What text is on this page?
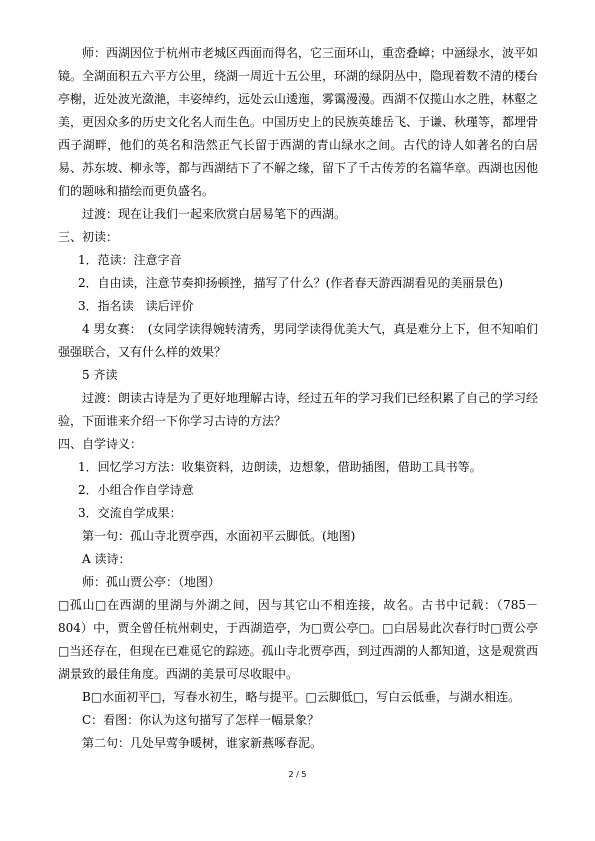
师：西湖因位于杭州市老城区西面而得名，它三面环山，重峦叠嶂；中涵绿水，波平如镜。全湖面积五六平方公里，绕湖一周近十五公里，环湖的绿阴丛中，隐现着数不清的楼台亭榭，近处波光潋滟，丰姿绰约，远处云山逶迤，雾霭漫漫。西湖不仅揽山水之胜，林壑之美，更因众多的历史文化名人而生色。中国历史上的民族英雄岳飞、于谦、秋瑾等，都埋骨西子湖畔，他们的英名和浩然正气长留于西湖的青山绿水之间。古代的诗人如著名的白居易、苏东坡、柳永等，都与西湖结下了不解之缘，留下了千古传芳的名篇华章。西湖也因他们的题咏和描绘而更负盛名。

过渡：现在让我们一起来欣赏白居易笔下的西湖。

三、初读：

1．范读：注意字音

2．自由读，注意节奏抑扬顿挫，描写了什么？(作者春天游西湖看见的美丽景色)

3．指名读　读后评价

4 男女赛：　(女同学读得婉转清秀，男同学读得优美大气，真是难分上下，但不知咱们强强联合，又有什么样的效果？

5 齐读

过渡：朗读古诗是为了更好地理解古诗，经过五年的学习我们已经积累了自己的学习经验，下面谁来介绍一下你学习古诗的方法？

四、自学诗义：

1．回忆学习方法：收集资料，边朗读，边想象，借助插图，借助工具书等。

2．小组合作自学诗意

3．交流自学成果：

第一句：孤山寺北贾亭西，水面初平云脚低。(地图)

A 读诗：

师：孤山贾公亭：（地图）

□孤山□在西湖的里湖与外湖之间，因与其它山不相连接，故名。古书中记载：（785－804）中，贾全曾任杭州刺史，于西湖造亭，为□贾公亭□。□白居易此次春行时□贾公亭□当还存在，但现在已难觅它的踪迹。孤山寺北贾亭西，到过西湖的人都知道，这是观赏西湖景致的最佳角度。西湖的美景可尽收眼中。

B□水面初平□，写春水初生，略与提平。□云脚低□，写白云低垂，与湖水相连。

C：看图：你认为这句描写了怎样一幅景象？

第二句：几处早莺争暖树，谁家新燕啄春泥。

2 / 5
